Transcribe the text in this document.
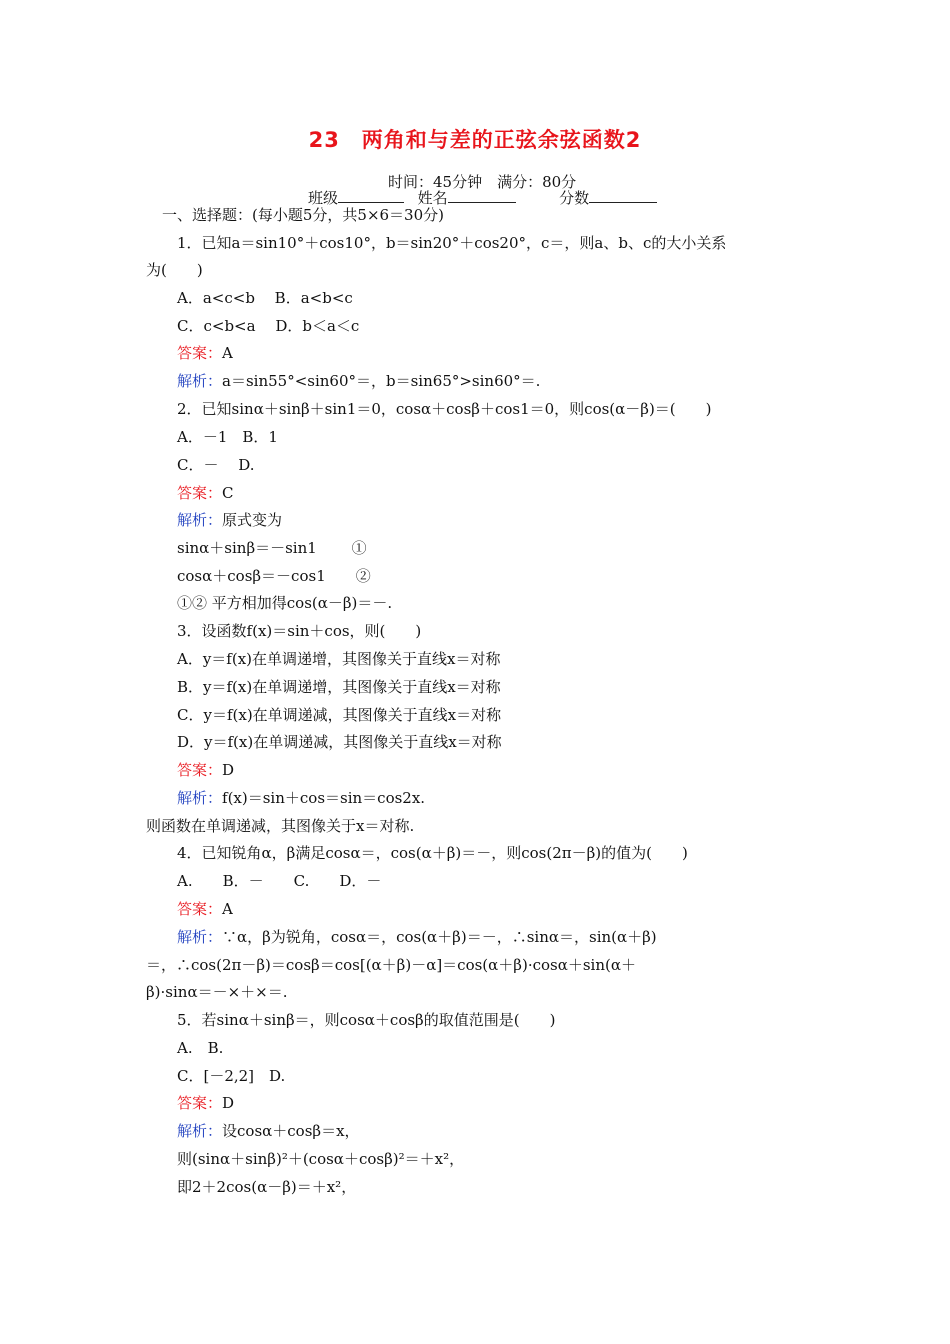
23　两角和与差的正弦余弦函数2
时间：45分钟　满分：80分
班级	姓名	分数
一、选择题：(每小题5分，共5×6＝30分)
1．已知a＝sin10°＋cos10°，b＝sin20°＋cos20°，c＝，则a、b、c的大小关系
为(　　)
A．a<c<b　 B．a<b<c
C．c<b<a　 D．b＜a＜c
答案：A
解析：a＝sin55°<sin60°＝，b＝sin65°>sin60°＝.
2．已知sinα＋sinβ＋sin1＝0，cosα＋cosβ＋cos1＝0，则cos(α－β)＝(　　)
A．－1　B．1
C．－　 D.
答案：C
解析：原式变为
sinα＋sinβ＝－sin1　　 ①
cosα＋cosβ＝－cos1　　②
①② 平方相加得cos(α－β)＝－.
3．设函数f(x)＝sin＋cos，则(　　)
A．y＝f(x)在单调递增，其图像关于直线x＝对称
B．y＝f(x)在单调递增，其图像关于直线x＝对称
C．y＝f(x)在单调递减，其图像关于直线x＝对称
D．y＝f(x)在单调递减，其图像关于直线x＝对称
答案：D
解析：f(x)＝sin＋cos＝sin＝cos2x.
则函数在单调递减，其图像关于x＝对称.
4．已知锐角α，β满足cosα＝，cos(α＋β)＝－，则cos(2π－β)的值为(　　)
A.　　B．－　　C.　　D．－
答案：A
解析：∵α，β为锐角，cosα＝，cos(α＋β)＝－，∴sinα＝，sin(α＋β)
＝，∴cos(2π－β)＝cosβ＝cos[(α＋β)－α]＝cos(α＋β)·cosα＋sin(α＋
β)·sinα＝－×＋×＝.
5．若sinα＋sinβ＝，则cosα＋cosβ的取值范围是(　　)
A.　B.
C．[－2,2]　D.
答案：D
解析：设cosα＋cosβ＝x，
则(sinα＋sinβ)²＋(cosα＋cosβ)²＝＋x²，
即2＋2cos(α－β)＝＋x²，
